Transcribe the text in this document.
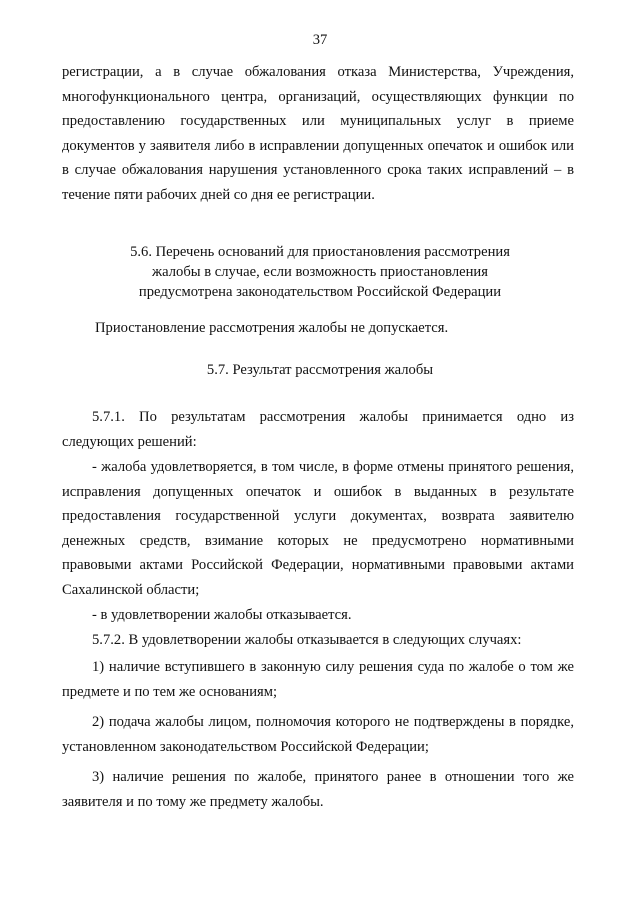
37

регистрации, а в случае обжалования отказа Министерства, Учреждения, многофункционального центра, организаций, осуществляющих функции по предоставлению государственных или муниципальных услуг в приеме документов у заявителя либо в исправлении допущенных опечаток и ошибок или в случае обжалования нарушения установленного срока таких исправлений – в течение пяти рабочих дней со дня ее регистрации.

5.6. Перечень оснований для приостановления рассмотрения
жалобы в случае, если возможность приостановления
предусмотрена законодательством Российской Федерации

Приостановление рассмотрения жалобы не допускается.

5.7. Результат рассмотрения жалобы

5.7.1. По результатам рассмотрения жалобы принимается одно из следующих решений:

- жалоба удовлетворяется, в том числе, в форме отмены принятого решения, исправления допущенных опечаток и ошибок в выданных в результате предоставления государственной услуги документах, возврата заявителю денежных средств, взимание которых не предусмотрено нормативными правовыми актами Российской Федерации, нормативными правовыми актами Сахалинской области;

- в удовлетворении жалобы отказывается.

5.7.2. В удовлетворении жалобы отказывается в следующих случаях:

1) наличие вступившего в законную силу решения суда по жалобе о том же предмете и по тем же основаниям;

2) подача жалобы лицом, полномочия которого не подтверждены в порядке, установленном законодательством Российской Федерации;

3) наличие решения по жалобе, принятого ранее в отношении того же заявителя и по тому же предмету жалобы.
